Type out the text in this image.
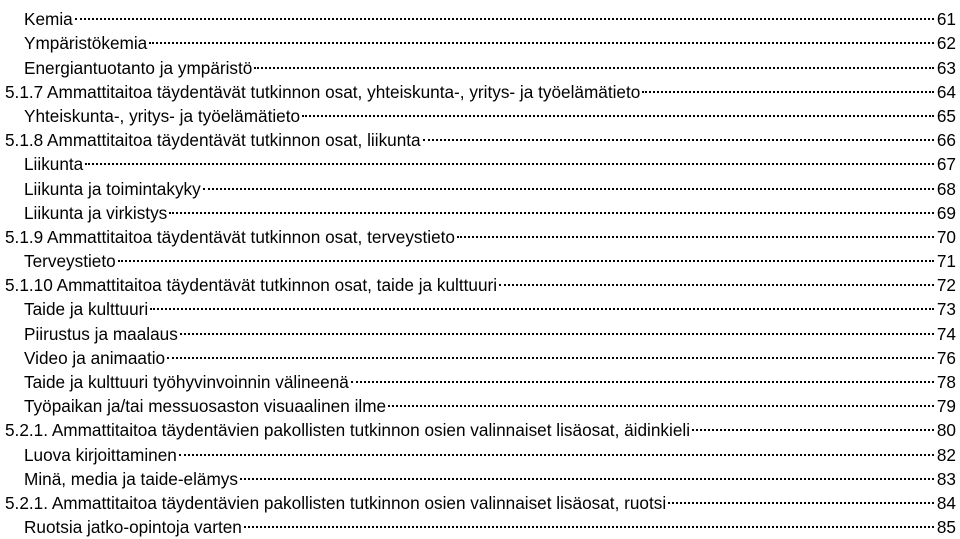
Kemia	61
Ympäristökemia	62
Energiantuotanto ja ympäristö	63
5.1.7 Ammattitaitoa täydentävät tutkinnon osat, yhteiskunta-, yritys- ja työelämätieto	64
Yhteiskunta-, yritys- ja työelämätieto	65
5.1.8 Ammattitaitoa täydentävät tutkinnon osat, liikunta	66
Liikunta	67
Liikunta ja toimintakyky	68
Liikunta ja virkistys	69
5.1.9 Ammattitaitoa täydentävät tutkinnon osat, terveystieto	70
Terveystieto	71
5.1.10 Ammattitaitoa täydentävät tutkinnon osat, taide ja kulttuuri	72
Taide ja kulttuuri	73
Piirustus ja maalaus	74
Video ja animaatio	76
Taide ja kulttuuri työhyvinvoinnin välineenä	78
Työpaikan ja/tai messuosaston visuaalinen ilme	79
5.2.1. Ammattitaitoa täydentävien pakollisten tutkinnon osien valinnaiset lisäosat, äidinkieli	80
Luova kirjoittaminen	82
Minä, media ja taide-elämys	83
5.2.1. Ammattitaitoa täydentävien pakollisten tutkinnon osien valinnaiset lisäosat, ruotsi	84
Ruotsia jatko-opintoja varten	85
